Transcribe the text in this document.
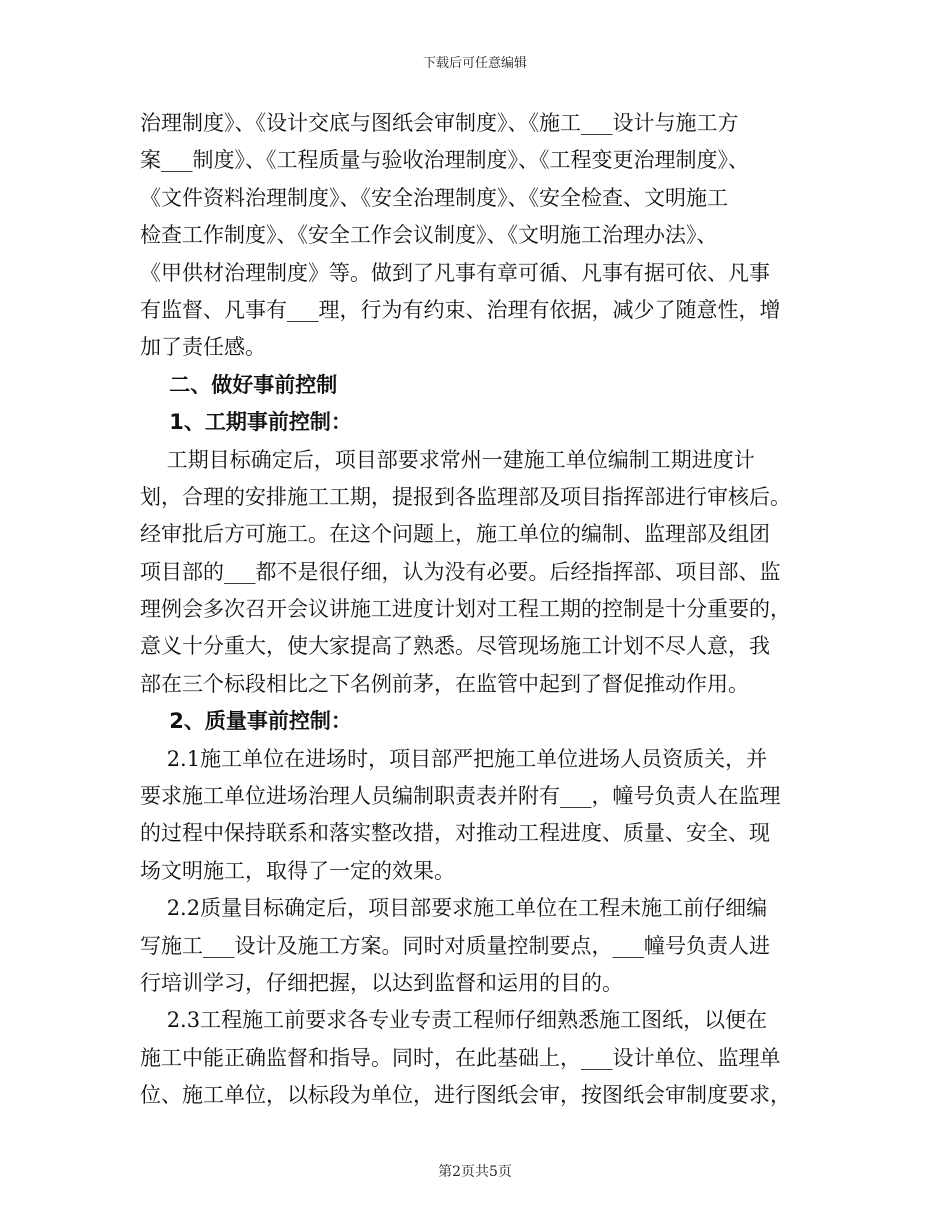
下载后可任意编辑
治理制度》、《设计交底与图纸会审制度》、《施工___设计与施工方
案___制度》、《工程质量与验收治理制度》、《工程变更治理制度》、
《文件资料治理制度》、《安全治理制度》、《安全检查、文明施工
检查工作制度》、《安全工作会议制度》、《文明施工治理办法》、
《甲供材治理制度》等。做到了凡事有章可循、凡事有据可依、凡事
有监督、凡事有___理，行为有约束、治理有依据，减少了随意性，增
加了责任感。
二、做好事前控制
1、工期事前控制：
工期目标确定后，项目部要求常州一建施工单位编制工期进度计
划，合理的安排施工工期，提报到各监理部及项目指挥部进行审核后。
经审批后方可施工。在这个问题上，施工单位的编制、监理部及组团
项目部的___都不是很仔细，认为没有必要。后经指挥部、项目部、监
理例会多次召开会议讲施工进度计划对工程工期的控制是十分重要的，
意义十分重大，使大家提高了熟悉。尽管现场施工计划不尽人意，我
部在三个标段相比之下名例前茅，在监管中起到了督促推动作用。
2、质量事前控制：
2.1施工单位在进场时，项目部严把施工单位进场人员资质关，并
要求施工单位进场治理人员编制职责表并附有___，幢号负责人在监理
的过程中保持联系和落实整改措，对推动工程进度、质量、安全、现
场文明施工，取得了一定的效果。
2.2质量目标确定后，项目部要求施工单位在工程未施工前仔细编
写施工___设计及施工方案。同时对质量控制要点，___幢号负责人进
行培训学习，仔细把握，以达到监督和运用的目的。
2.3工程施工前要求各专业专责工程师仔细熟悉施工图纸，以便在
施工中能正确监督和指导。同时，在此基础上，___设计单位、监理单
位、施工单位，以标段为单位，进行图纸会审，按图纸会审制度要求，
第2页共5页
